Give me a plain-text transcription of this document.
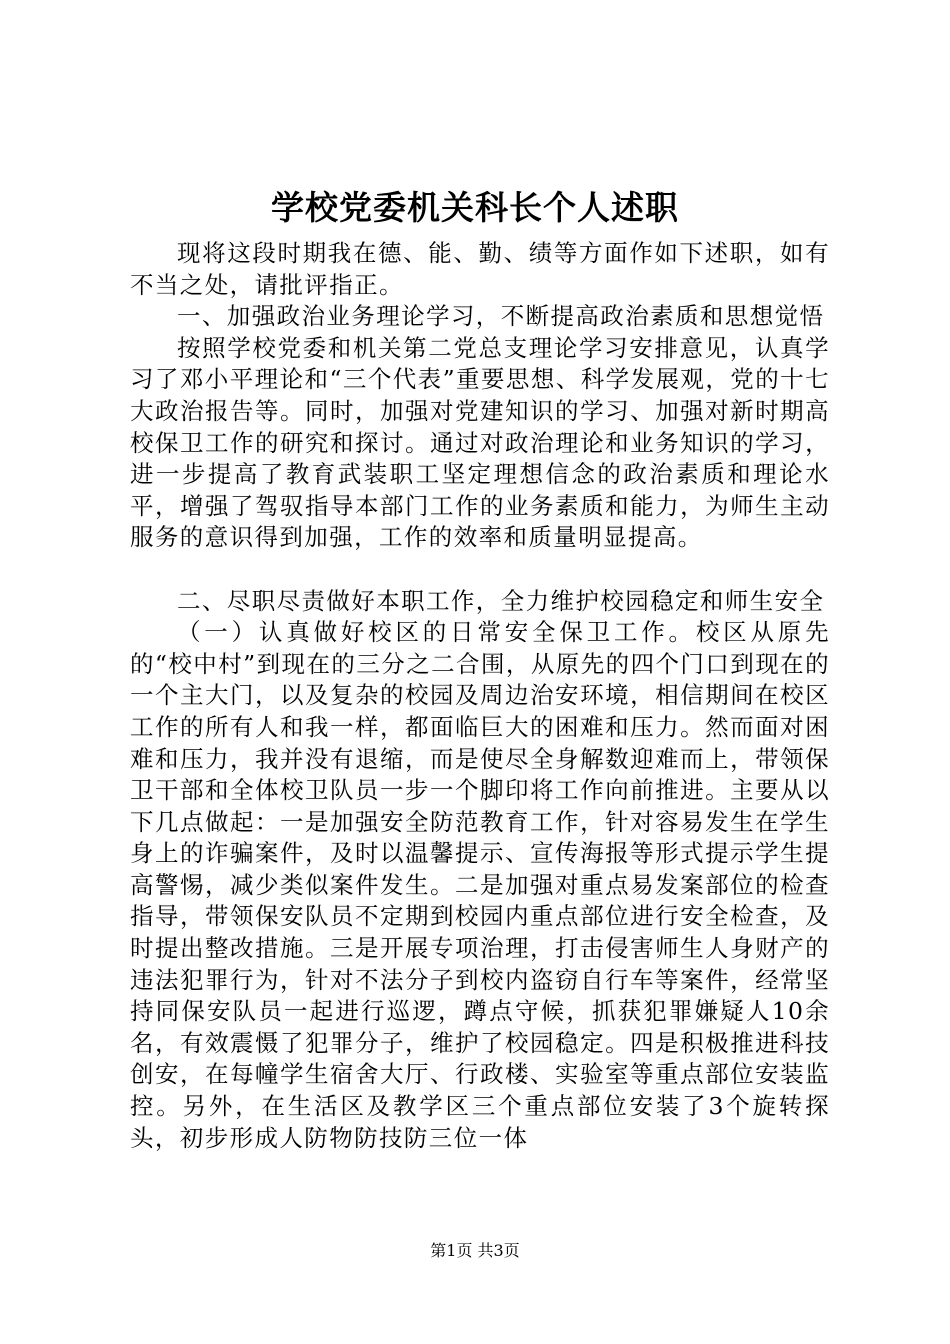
学校党委机关科长个人述职

现将这段时期我在德、能、勤、绩等方面作如下述职，如有不当之处，请批评指正。

一、加强政治业务理论学习，不断提高政治素质和思想觉悟

按照学校党委和机关第二党总支理论学习安排意见，认真学习了邓小平理论和“三个代表”重要思想、科学发展观，党的十七大政治报告等。同时，加强对党建知识的学习、加强对新时期高校保卫工作的研究和探讨。通过对政治理论和业务知识的学习，进一步提高了教育武装职工坚定理想信念的政治素质和理论水平，增强了驾驭指导本部门工作的业务素质和能力，为师生主动服务的意识得到加强，工作的效率和质量明显提高。

二、尽职尽责做好本职工作，全力维护校园稳定和师生安全

（一）认真做好校区的日常安全保卫工作。校区从原先的“校中村”到现在的三分之二合围，从原先的四个门口到现在的一个主大门，以及复杂的校园及周边治安环境，相信期间在校区工作的所有人和我一样，都面临巨大的困难和压力。然而面对困难和压力，我并没有退缩，而是使尽全身解数迎难而上，带领保卫干部和全体校卫队员一步一个脚印将工作向前推进。主要从以下几点做起：一是加强安全防范教育工作，针对容易发生在学生身上的诈骗案件，及时以温馨提示、宣传海报等形式提示学生提高警惕，减少类似案件发生。二是加强对重点易发案部位的检查指导，带领保安队员不定期到校园内重点部位进行安全检查，及时提出整改措施。三是开展专项治理，打击侵害师生人身财产的违法犯罪行为，针对不法分子到校内盗窃自行车等案件，经常坚持同保安队员一起进行巡逻，蹲点守候，抓获犯罪嫌疑人10余名，有效震慑了犯罪分子，维护了校园稳定。四是积极推进科技创安，在每幢学生宿舍大厅、行政楼、实验室等重点部位安装监控。另外，在生活区及教学区三个重点部位安装了3个旋转探头，初步形成人防物防技防三位一体

第1页 共3页
